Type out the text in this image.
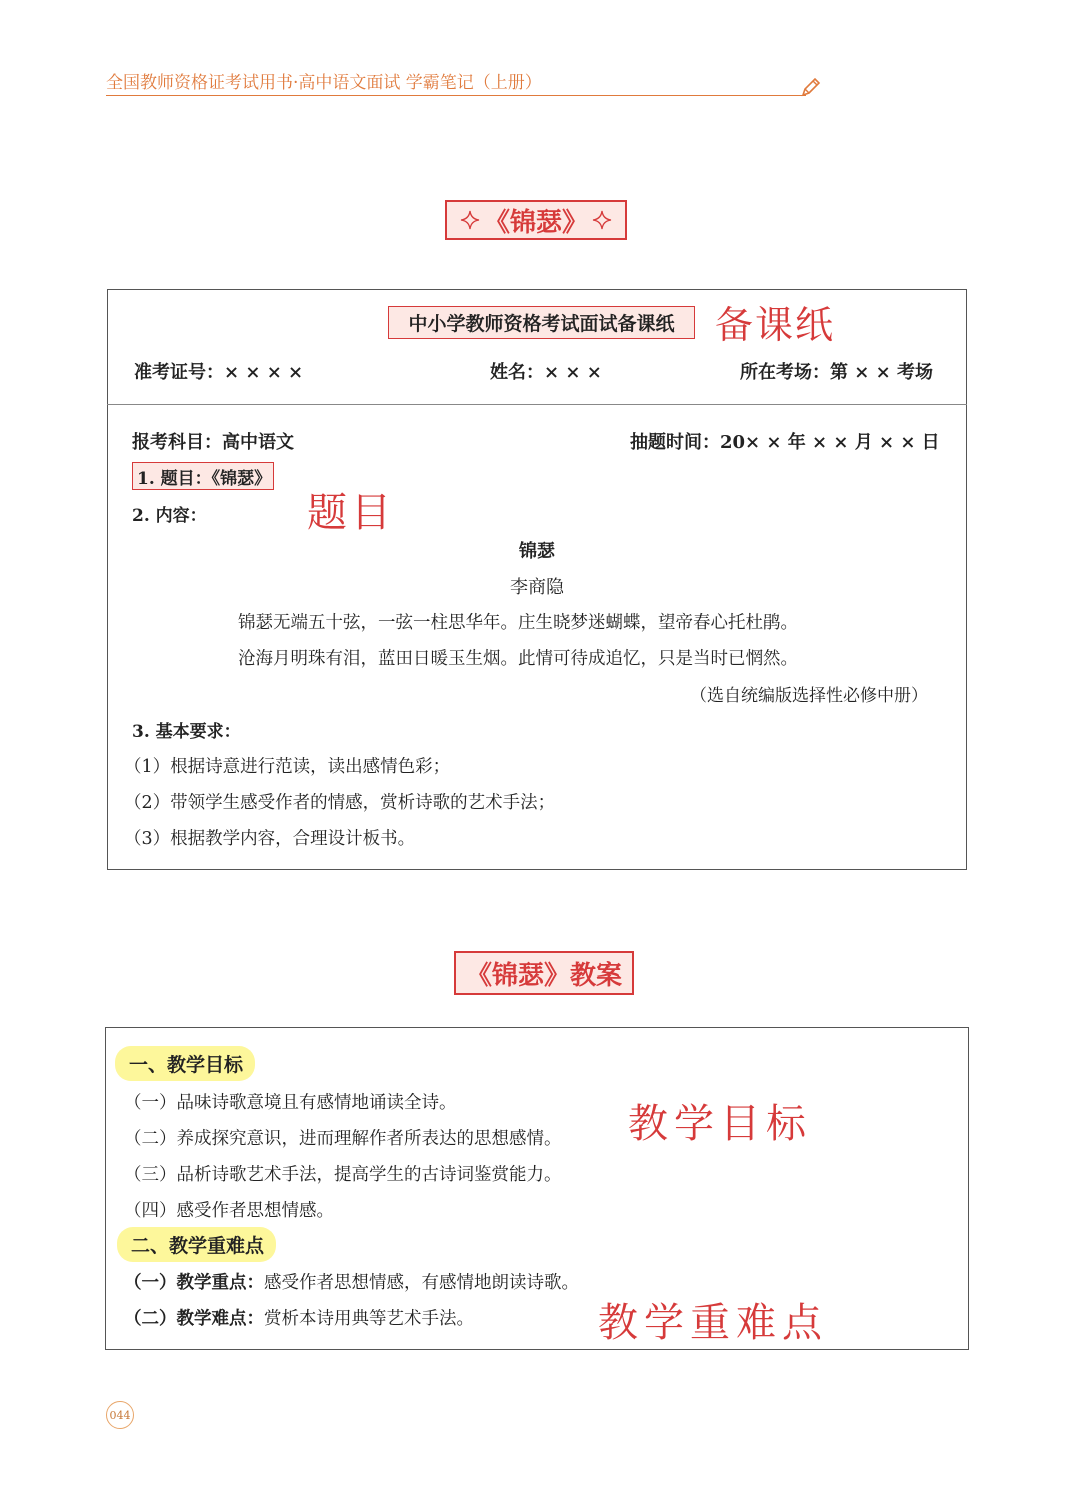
全国教师资格证考试用书·高中语文面试 学霸笔记（上册）
《锦瑟》
中小学教师资格考试面试备课纸	备课纸
准考证号：× × × ×	姓名：× × ×	所在考场：第 × × 考场
报考科目：高中语文	抽题时间：20× × 年 × × 月 × × 日
1. 题目：《锦瑟》
题目
2. 内容：
锦瑟
李商隐
锦瑟无端五十弦，一弦一柱思华年。庄生晓梦迷蝴蝶，望帝春心托杜鹃。
沧海月明珠有泪，蓝田日暖玉生烟。此情可待成追忆，只是当时已惘然。
（选自统编版选择性必修中册）
3. 基本要求：
（1）根据诗意进行范读，读出感情色彩；
（2）带领学生感受作者的情感，赏析诗歌的艺术手法；
（3）根据教学内容，合理设计板书。
《锦瑟》教案
一、教学目标
教学目标
（一）品味诗歌意境且有感情地诵读全诗。
（二）养成探究意识，进而理解作者所表达的思想感情。
（三）品析诗歌艺术手法，提高学生的古诗词鉴赏能力。
（四）感受作者思想情感。
二、教学重难点
（一）教学重点：感受作者思想情感，有感情地朗读诗歌。
（二）教学难点：赏析本诗用典等艺术手法。	教学重难点
044
